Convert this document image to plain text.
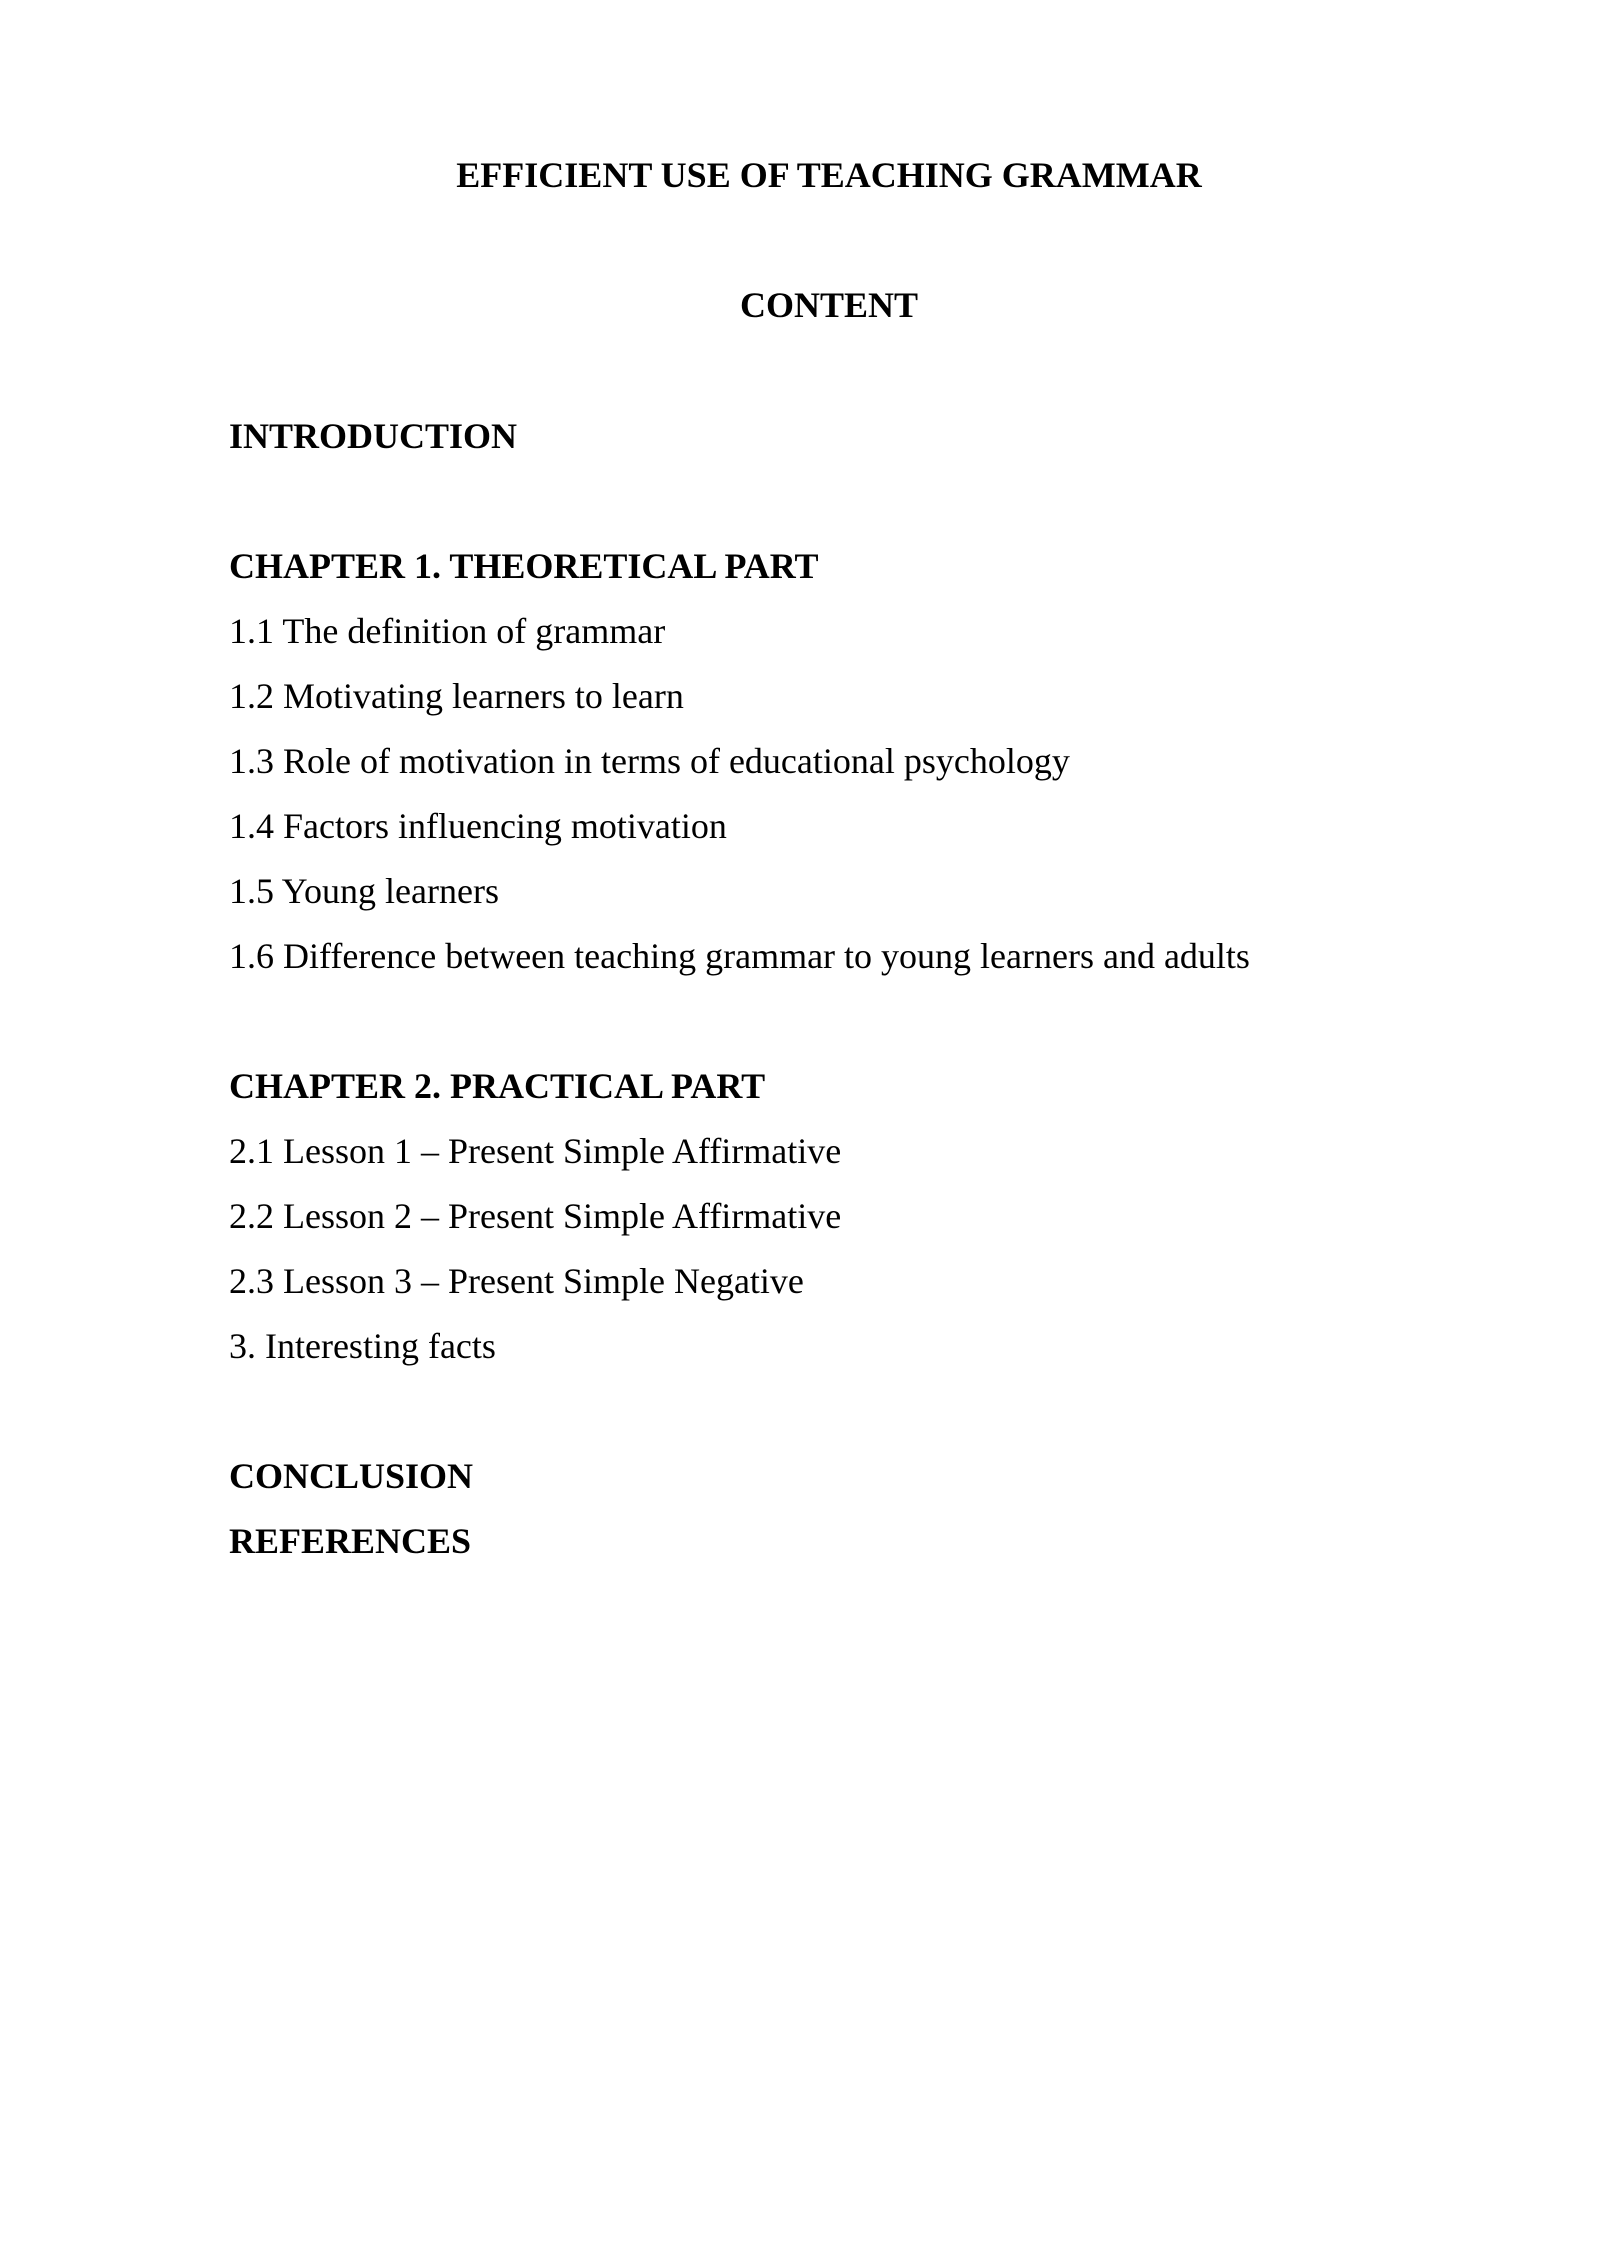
EFFICIENT USE OF TEACHING GRAMMAR
CONTENT
INTRODUCTION
CHAPTER 1. THEORETICAL PART
1.1 The definition of grammar
1.2 Motivating learners to learn
1.3 Role of motivation in terms of educational psychology
1.4 Factors influencing motivation
1.5 Young learners
1.6 Difference between teaching grammar to young learners and adults
CHAPTER 2. PRACTICAL PART
2.1 Lesson 1 – Present Simple Affirmative
2.2 Lesson 2 – Present Simple Affirmative
2.3 Lesson 3 – Present Simple Negative
3. Interesting facts
CONCLUSION
REFERENCES
